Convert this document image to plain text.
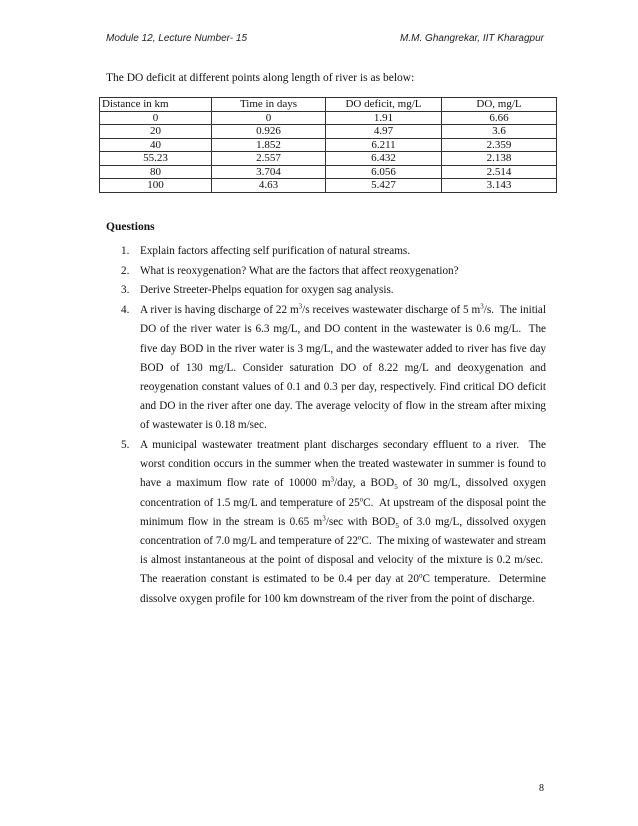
Module 12, Lecture Number- 15	M.M. Ghangrekar, IIT Kharagpur
The DO deficit at different points along length of river is as below:
Distance in km	Time in days	DO deficit, mg/L	DO, mg/L
0	0	1.91	6.66
20	0.926	4.97	3.6
40	1.852	6.211	2.359
55.23	2.557	6.432	2.138
80	3.704	6.056	2.514
100	4.63	5.427	3.143
Questions
1. Explain factors affecting self purification of natural streams.
2. What is reoxygenation? What are the factors that affect reoxygenation?
3. Derive Streeter-Phelps equation for oxygen sag analysis.
4. A river is having discharge of 22 $m^3/s$ receives wastewater discharge of 5 $m^3/s$.  The initial DO of the river water is 6.3 mg/L, and DO content in the wastewater is 0.6 mg/L.  The five day BOD in the river water is 3 mg/L, and the wastewater added to river has five day BOD of 130 mg/L. Consider saturation DO of 8.22 mg/L and deoxygenation and reoygenation constant values of 0.1 and 0.3 per day, respectively. Find critical DO deficit and DO in the river after one day. The average velocity of flow in the stream after mixing of wastewater is 0.18 m/sec.
5. A municipal wastewater treatment plant discharges secondary effluent to a river.  The worst condition occurs in the summer when the treated wastewater in summer is found to have a maximum flow rate of 10000 $m^3$/day, a $BOD_5$ of 30 mg/L, dissolved oxygen concentration of 1.5 mg/L and temperature of 25$^o$C.  At upstream of the disposal point the minimum flow in the stream is 0.65 $m^3/\sec$ with $BOD_5$ of 3.0 mg/L, dissolved oxygen concentration of 7.0 mg/L and temperature of 22$^o$C.  The mixing of wastewater and stream is almost instantaneous at the point of disposal and velocity of the mixture is 0.2 m/sec.  The reaeration constant is estimated to be 0.4 per day at 20$^o$C temperature.  Determine dissolve oxygen profile for 100 km downstream of the river from the point of discharge.
8
